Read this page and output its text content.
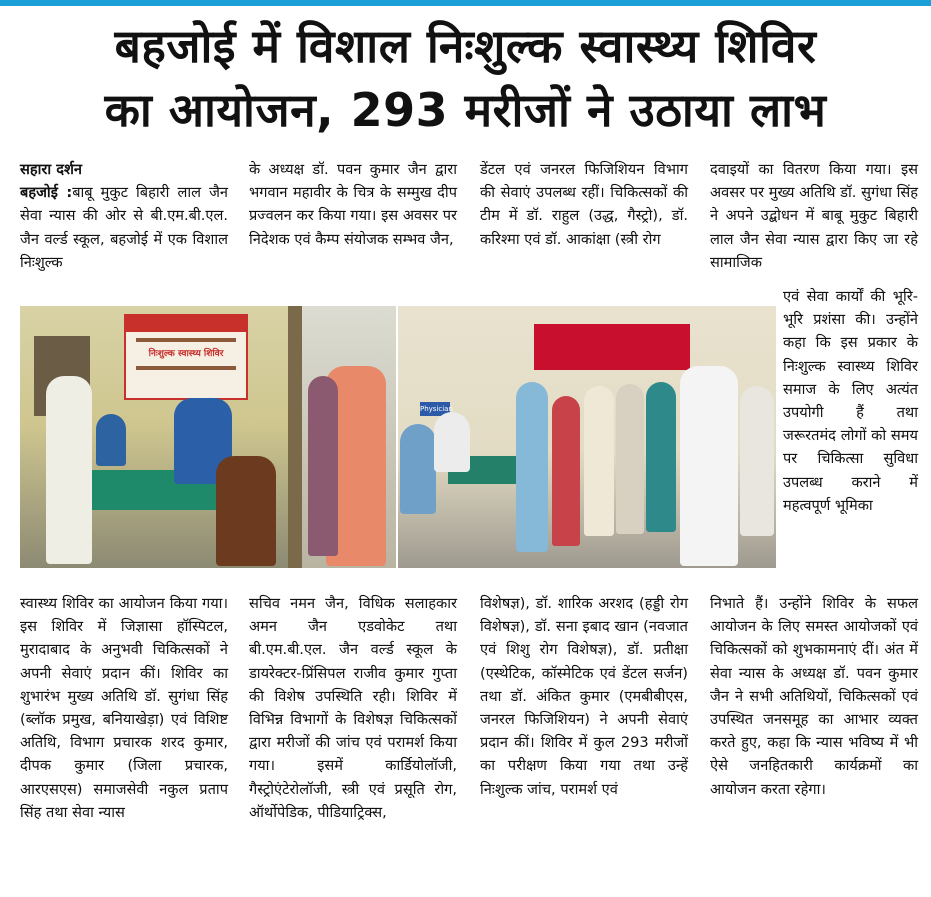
बहजोई में विशाल निःशुल्क स्वास्थ्य शिविर
का आयोजन, 293 मरीजों ने उठाया लाभ

सहारा दर्शन

बहजोई :बाबू मुकुट बिहारी लाल जैन सेवा न्यास की ओर से बी.एम.बी.एल. जैन वर्ल्ड स्कूल, बहजोई में एक विशाल निःशुल्क

के अध्यक्ष डॉ. पवन कुमार जैन द्वारा भगवान महावीर के चित्र के सम्मुख दीप प्रज्वलन कर किया गया। इस अवसर पर निदेशक एवं कैम्प संयोजक सम्भव जैन,

डेंटल एवं जनरल फिजिशियन विभाग की सेवाएं उपलब्ध रहीं। चिकित्सकों की टीम में डॉ. राहुल (उद्ध, गैस्ट्रो), डॉ. करिश्मा एवं डॉ. आकांक्षा (स्त्री रोग

दवाइयों का वितरण किया गया। इस अवसर पर मुख्य अतिथि डॉ. सुगंधा सिंह ने अपने उद्बोधन में बाबू मुकुट बिहारी लाल जैन सेवा न्यास द्वारा किए जा रहे सामाजिक

एवं सेवा कार्यों की भूरि-भूरि प्रशंसा की। उन्होंने कहा कि इस प्रकार के निःशुल्क स्वास्थ्य शिविर समाज के लिए अत्यंत उपयोगी हैं तथा जरूरतमंद लोगों को समय पर चिकित्सा सुविधा उपलब्ध कराने में महत्वपूर्ण भूमिका

निःशुल्क स्वास्थ्य शिविर
Physician

स्वास्थ्य शिविर का आयोजन किया गया। इस शिविर में जिज्ञासा हॉस्पिटल, मुरादाबाद के अनुभवी चिकित्सकों ने अपनी सेवाएं प्रदान कीं। शिविर का शुभारंभ मुख्य अतिथि डॉ. सुगंधा सिंह (ब्लॉक प्रमुख, बनियाखेड़ा) एवं विशिष्ट अतिथि, विभाग प्रचारक शरद कुमार, दीपक कुमार (जिला प्रचारक, आरएसएस) समाजसेवी नकुल प्रताप सिंह तथा सेवा न्यास

सचिव नमन जैन, विधिक सलाहकार अमन जैन एडवोकेट तथा बी.एम.बी.एल. जैन वर्ल्ड स्कूल के डायरेक्टर-प्रिंसिपल राजीव कुमार गुप्ता की विशेष उपस्थिति रही। शिविर में विभिन्न विभागों के विशेषज्ञ चिकित्सकों द्वारा मरीजों की जांच एवं परामर्श किया गया। इसमें कार्डियोलॉजी, गैस्ट्रोएंटेरोलॉजी, स्त्री एवं प्रसूति रोग, ऑर्थोपेडिक, पीडियाट्रिक्स,

विशेषज्ञ), डॉ. शारिक अरशद (हड्डी रोग विशेषज्ञ), डॉ. सना इबाद खान (नवजात एवं शिशु रोग विशेषज्ञ), डॉ. प्रतीक्षा (एस्थेटिक, कॉस्मेटिक एवं डेंटल सर्जन) तथा डॉ. अंकित कुमार (एमबीबीएस, जनरल फिजिशियन) ने अपनी सेवाएं प्रदान कीं। शिविर में कुल 293 मरीजों का परीक्षण किया गया तथा उन्हें निःशुल्क जांच, परामर्श एवं

निभाते हैं। उन्होंने शिविर के सफल आयोजन के लिए समस्त आयोजकों एवं चिकित्सकों को शुभकामनाएं दीं। अंत में सेवा न्यास के अध्यक्ष डॉ. पवन कुमार जैन ने सभी अतिथियों, चिकित्सकों एवं उपस्थित जनसमूह का आभार व्यक्त करते हुए, कहा कि न्यास भविष्य में भी ऐसे जनहितकारी कार्यक्रमों का आयोजन करता रहेगा।
